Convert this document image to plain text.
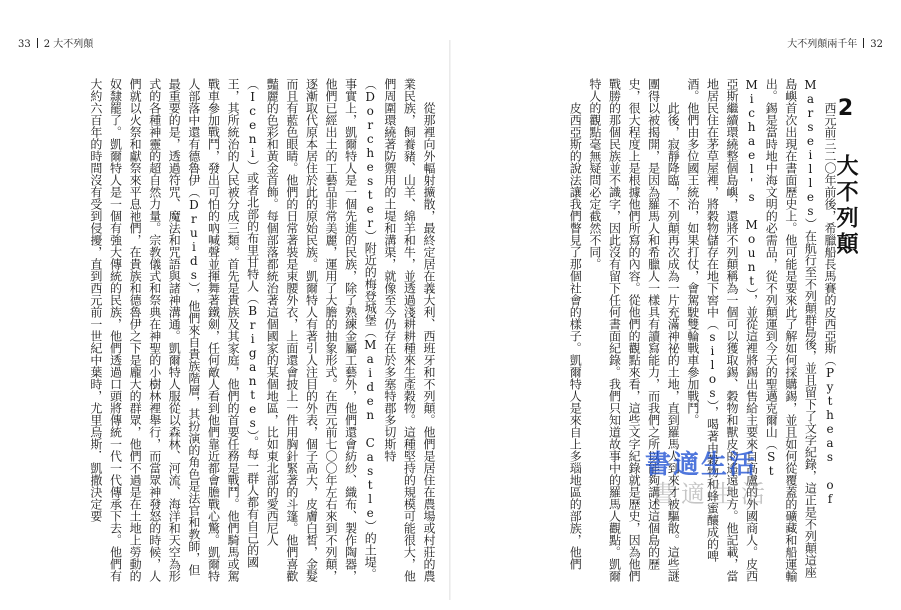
33 2 大不列顛

從那裡向外輻射擴散，最終定居在義大利、西班牙和不列顛。他們是居住在農場或村莊的農業民族，飼養豬、山羊、綿羊和牛，並透過淺耕耕種來生產穀物。這種堅持的規模可能很大，他們周圍環繞著防禦用的土堤和溝渠，就像至今仍存在於多塞特郡多切斯特（Dorchester）附近的梅登城堡（Maiden Castle）的土堤。事實上，凱爾特人是一個先進的民族，除了熟練金屬工藝外，他們還會紡紗、織布、製作陶器，他們已經出土的工藝品非常美麗，運用了大膽的抽象形式。在西元前七〇〇年左右來到不列顛，逐漸取代原本居住於此的原始民族。凱爾特人有著引人注目的外表，個子高大，皮膚白皙，金髮而且有藍色眼睛。他們的日常著裝是束腰外衣，上面還會披上一件用胸針緊著的斗篷。他們喜歡豔麗的色彩和黃金首飾。每個部落都統治著這個國家的某個地區，比如東北部的愛西尼人（Iceni）或者北部的布里甘特人（Brigantes）。每一群人都有自己的國王，其所統治的人民被分成三類。首先是貴族及其家庭，他們的首要任務是戰鬥。他們騎馬或駕戰車參加戰鬥，發出可怕的吶喊聲並揮舞著鐵劍，任何敵人看到他們靠近都會膽戰心驚。凱爾特人部落中還有德魯伊（Druids），他們來自貴族階層，其扮演的角色是法官和教師，但最重要的是，透過符咒、魔法和咒語與諸神溝通。凱爾特人服從以森林、河流、海洋和天空為形式的各種神靈的超自然力量。宗教儀式和祭典在神聖的小樹林裡舉行，而當眾神發怒的時候，人們就以火祭和獻祭來平息祂們，在貴族和德魯伊之下是龐大的群眾，他們不過是在土地上勞動的奴隸罷了。凱爾特人是一個有強大傳統的民族，他們透過口頭將傳統一代一代傳承下去。他們有大約六百年的時間沒有受到侵擾，直到西元前一世紀中葉時，尤里烏斯．凱撒決定要

大不列顛兩千年 32
2 大不列顛

西元前三二〇年前後，希臘船長馬賽的皮西亞斯（Pytheas of Marseilles）在航行至不列顛群島後，並且留下了文字紀錄，這正是不列顛這座島嶼首次出現在書面歷史上。他可能是要來此了解如何採購錫，並且如何從覆蓋的礦藏和船運輸出。錫是當時地中海文明的必需品，從不列顛運到今天的聖邁克爾山（St Michael's Mount），並從這裡將錫出售給主要來自高盧的外國商人。皮西亞斯繼續環繞整個島嶼，還將不列顛稱為一個可以獲取錫、穀物和獸皮的遙遠地方。他記載，當地居民住在茅草屋裡，將穀物儲存在地下窖中（silos），喝著由穀物和蜂蜜釀成的啤酒。他們由多位國王統治，如果打仗，會駕駛雙輪戰車參加戰鬥。

此後，寂靜降臨，不列顛再次成為一片充滿神祕的土地，直到羅馬人到來才被驅散。這些謎團得以被揭開，是因為羅馬人和希臘人一樣具有讀寫能力，而我們之所以能夠講述這個島的歷史，很大程度上是根據他們所寫的內容。從他們的觀點來看，這些文字紀錄就是歷史，因為他們戰勝的那個民族並不識字，因此沒有留下任何書面紀錄。我們只知道故事中的羅馬人觀點。凱爾特人的觀點毫無疑問必定截然不同。

皮西亞斯的說法讓我們瞥見了那個社會的樣子。凱爾特人是來自上多瑙地區的部族，他們 書適生活
書適生活
